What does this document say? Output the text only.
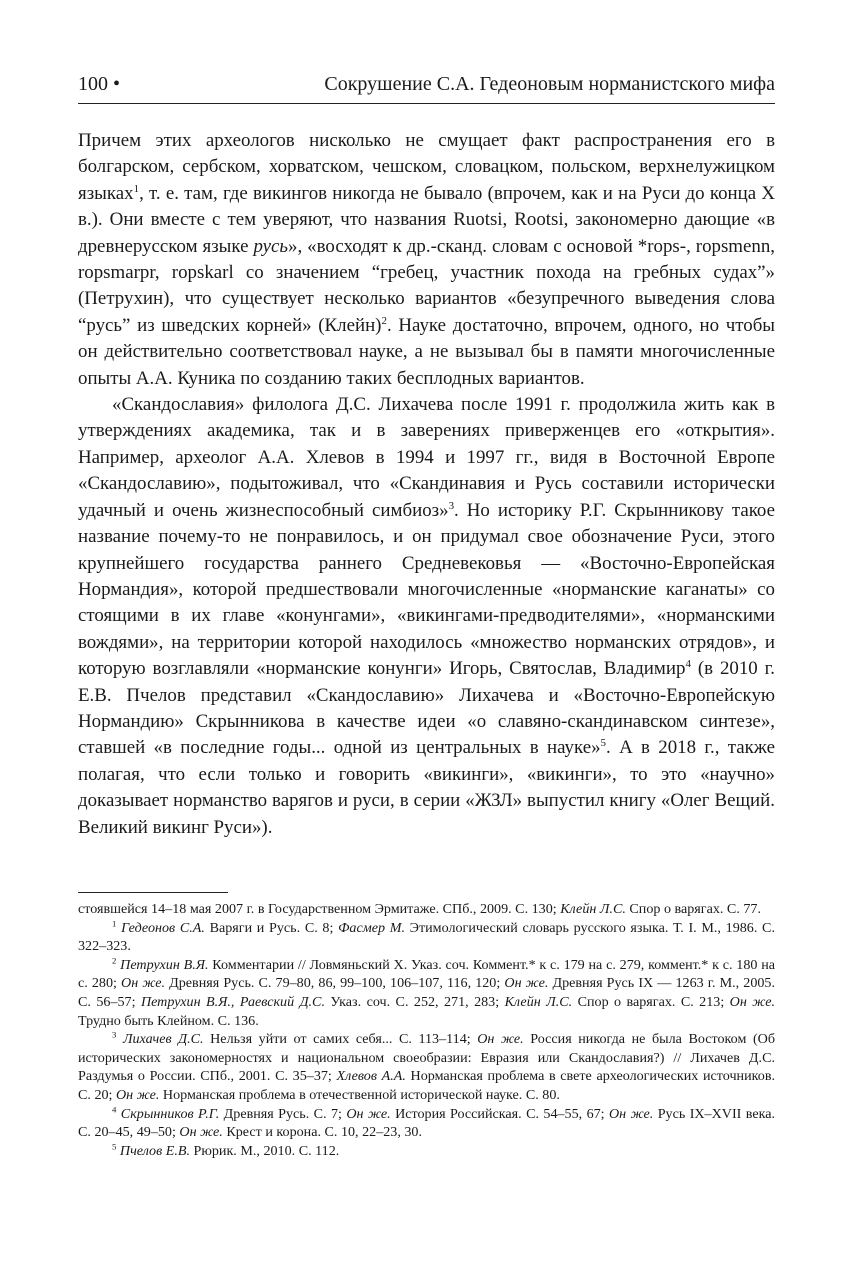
100 •	Сокрушение С.А. Гедеоновым норманистского мифа

Причем этих археологов нисколько не смущает факт распространения его в болгарском, сербском, хорватском, чешском, словацком, польском, верхнелужицком языках$^1$, т. е. там, где викингов никогда не бывало (впрочем, как и на Руси до конца X в.). Они вместе с тем уверяют, что названия Ruotsi, Rootsi, закономерно дающие «в древнерусском языке русь», «восходят к др.-сканд. словам с основой *rops-, ropsmenn, ropsmarpr, ropskarl со значением “гребец, участник похода на гребных судах”» (Петрухин), что существует несколько вариантов «безупречного выведения слова “русь” из шведских корней» (Клейн)$^2$. Науке достаточно, впрочем, одного, но чтобы он действительно соответствовал науке, а не вызывал бы в памяти многочисленные опыты А.А. Куника по созданию таких бесплодных вариантов.

«Скандославия» филолога Д.С. Лихачева после 1991 г. продолжила жить как в утверждениях академика, так и в заверениях приверженцев его «открытия». Например, археолог А.А. Хлевов в 1994 и 1997 гг., видя в Восточной Европе «Скандославию», подытоживал, что «Скандинавия и Русь составили исторически удачный и очень жизнеспособный симбиоз»$^3$. Но историку Р.Г. Скрынникову такое название почему-то не понравилось, и он придумал свое обозначение Руси, этого крупнейшего государства раннего Средневековья — «Восточно-Европейская Нормандия», которой предшествовали многочисленные «норманские каганаты» со стоящими в их главе «конунгами», «викингами-предводителями», «норманскими вождями», на территории которой находилось «множество норманских отрядов», и которую возглавляли «норманские конунги» Игорь, Святослав, Владимир$^4$ (в 2010 г. Е.В. Пчелов представил «Скандославию» Лихачева и «Восточно-Европейскую Нормандию» Скрынникова в качестве идеи «о славяно-скандинавском синтезе», ставшей «в последние годы... одной из центральных в науке»$^5$. А в 2018 г., также полагая, что если только и говорить «викинги», «викинги», то это «научно» доказывает норманство варягов и руси, в серии «ЖЗЛ» выпустил книгу «Олег Вещий. Великий викинг Руси»).

стоявшейся 14–18 мая 2007 г. в Государственном Эрмитаже. СПб., 2009. С. 130; Клейн Л.С. Спор о варягах. С. 77.

$^1$ Гедеонов С.А. Варяги и Русь. С. 8; Фасмер М. Этимологический словарь русского языка. Т. I. М., 1986. С. 322–323.

$^2$ Петрухин В.Я. Комментарии // Ловмяньский Х. Указ. соч. Коммент.* к с. 179 на с. 279, коммент.* к с. 180 на с. 280; Он же. Древняя Русь. С. 79–80, 86, 99–100, 106–107, 116, 120; Он же. Древняя Русь IX — 1263 г. М., 2005. С. 56–57; Петрухин В.Я., Раевский Д.С. Указ. соч. С. 252, 271, 283; Клейн Л.С. Спор о варягах. С. 213; Он же. Трудно быть Клейном. С. 136.

$^3$ Лихачев Д.С. Нельзя уйти от самих себя... С. 113–114; Он же. Россия никогда не была Востоком (Об исторических закономерностях и национальном своеобразии: Евразия или Скандославия?) // Лихачев Д.С. Раздумья о России. СПб., 2001. С. 35–37; Хлевов А.А. Норманская проблема в свете археологических источников. С. 20; Он же. Норманская проблема в отечественной исторической науке. С. 80.

$^4$ Скрынников Р.Г. Древняя Русь. С. 7; Он же. История Российская. С. 54–55, 67; Он же. Русь IX–XVII века. С. 20–45, 49–50; Он же. Крест и корона. С. 10, 22–23, 30.

$^5$ Пчелов Е.В. Рюрик. М., 2010. С. 112.
